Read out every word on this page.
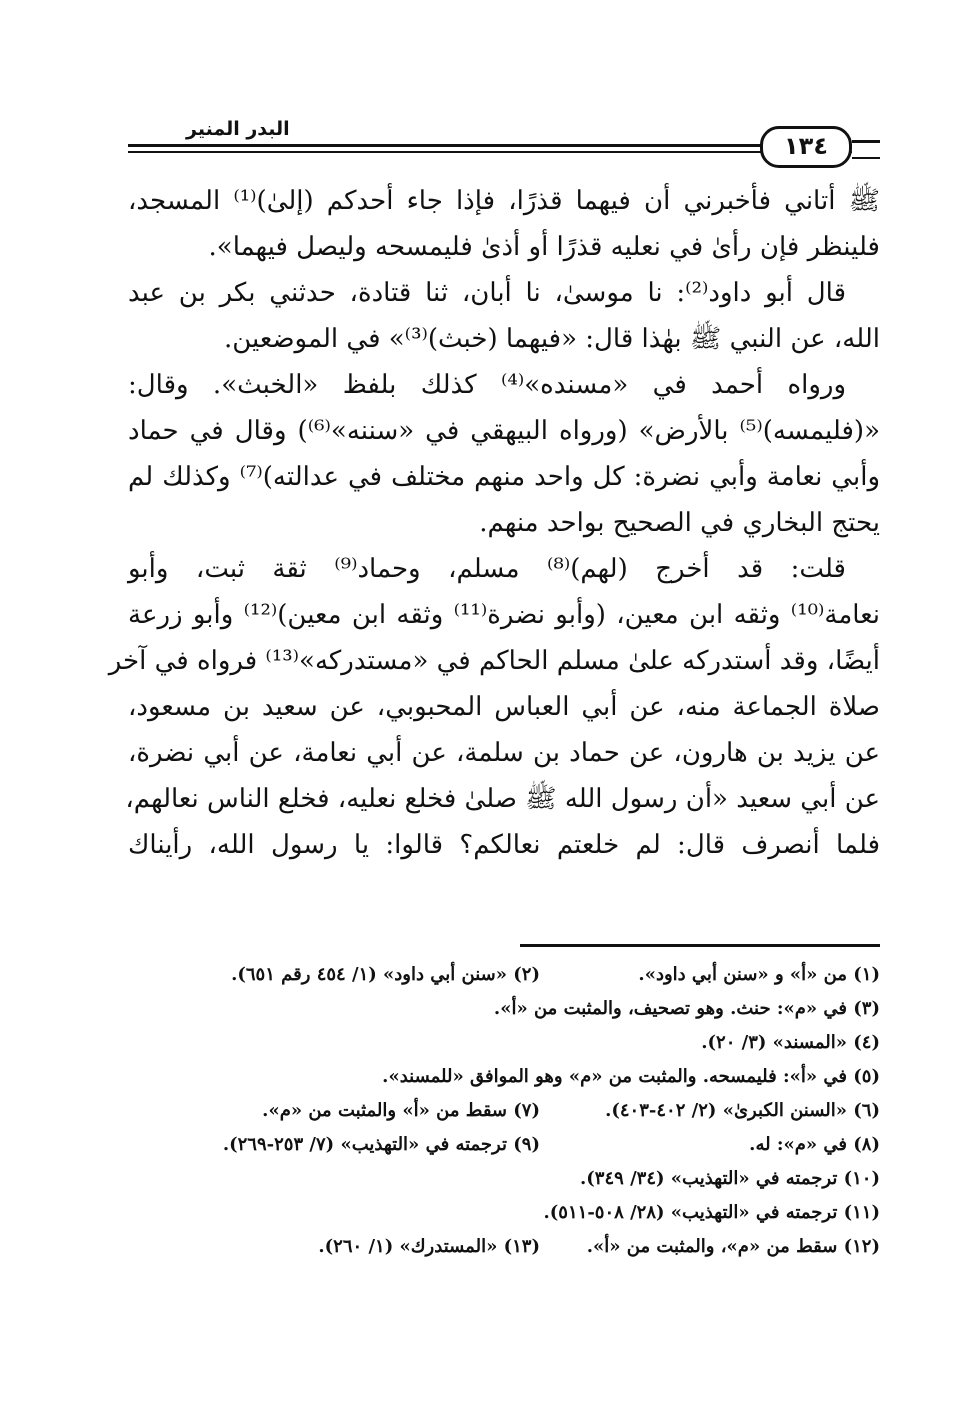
البدر المنير
١٣٤
ﷺ أتاني فأخبرني أن فيهما قذرًا، فإذا جاء أحدكم (إلىٰ)⁽¹⁾ المسجد،
فلينظر فإن رأىٰ في نعليه قذرًا أو أذىٰ فليمسحه وليصل فيهما».
قال أبو داود⁽²⁾: نا موسىٰ، نا أبان، ثنا قتادة، حدثني بكر بن عبد
الله، عن النبي ﷺ بهٰذا قال: «فيهما (خبث)⁽³⁾» في الموضعين.
ورواه أحمد في «مسنده»⁽⁴⁾ كذلك بلفظ «الخبث». وقال:
«(فليمسه)⁽⁵⁾ بالأرض» (ورواه البيهقي في «سننه»⁽⁶⁾) وقال في حماد
وأبي نعامة وأبي نضرة: كل واحد منهم مختلف في عدالته)⁽⁷⁾ وكذلك لم
يحتج البخاري في الصحيح بواحد منهم.
قلت: قد أخرج (لهم)⁽⁸⁾ مسلم، وحماد⁽⁹⁾ ثقة ثبت، وأبو
نعامة⁽¹⁰⁾ وثقه ابن معين، (وأبو نضرة⁽¹¹⁾ وثقه ابن معين)⁽¹²⁾ وأبو زرعة
أيضًا، وقد أستدركه علىٰ مسلم الحاكم في «مستدركه»⁽¹³⁾ فرواه في آخر
صلاة الجماعة منه، عن أبي العباس المحبوبي، عن سعيد بن مسعود،
عن يزيد بن هارون، عن حماد بن سلمة، عن أبي نعامة، عن أبي نضرة،
عن أبي سعيد «أن رسول الله ﷺ صلىٰ فخلع نعليه، فخلع الناس نعالهم،
فلما أنصرف قال: لم خلعتم نعالكم؟ قالوا: يا رسول الله، رأيناك
(١) من «أ» و «سنن أبي داود».
(٢) «سنن أبي داود» (١/ ٤٥٤ رقم ٦٥١).
(٣) في «م»: حنث. وهو تصحيف، والمثبت من «أ».
(٤) «المسند» (٣/ ٢٠).
(٥) في «أ»: فليمسحه. والمثبت من «م» وهو الموافق «للمسند».
(٦) «السنن الكبرىٰ» (٢/ ٤٠٢-٤٠٣).
(٧) سقط من «أ» والمثبت من «م».
(٨) في «م»: له.
(٩) ترجمته في «التهذيب» (٧/ ٢٥٣-٢٦٩).
(١٠) ترجمته في «التهذيب» (٣٤/ ٣٤٩).
(١١) ترجمته في «التهذيب» (٢٨/ ٥٠٨-٥١١).
(١٢) سقط من «م»، والمثبت من «أ».
(١٣) «المستدرك» (١/ ٢٦٠).
